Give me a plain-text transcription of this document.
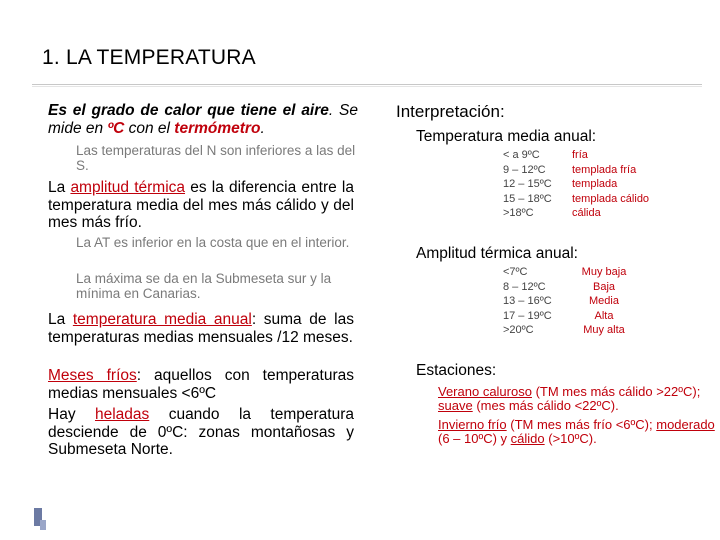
1. LA TEMPERATURA
Es el grado de calor que tiene el aire. Se mide en ºC con el termómetro.
Las temperaturas del N son inferiores a las del S.
La amplitud térmica es la diferencia entre la temperatura media del mes más cálido y del mes más frío.
La AT es inferior en la costa que en el interior.
La máxima se da en la Submeseta sur y la mínima en Canarias.
La temperatura media anual: suma de las temperaturas medias mensuales /12 meses.
Meses fríos: aquellos con temperaturas medias mensuales <6ºC
Hay heladas cuando la temperatura desciende de 0ºC: zonas montañosas y Submeseta Norte.
Interpretación:
Temperatura media anual:
< a 9ºC
9 – 12ºC
12 – 15ºC
15 – 18ºC
>18ºC
fría
templada fría
templada
templada cálido
cálida
Amplitud térmica anual:
<7ºC
8 – 12ºC
13 – 16ºC
17 – 19ºC
>20ºC
Muy baja
Baja
Media
Alta
Muy alta
Estaciones:
Verano caluroso (TM mes más cálido >22ºC); suave (mes más cálido <22ºC).
Invierno frío (TM mes más frío <6ºC); moderado (6 – 10ºC) y cálido (>10ºC).
